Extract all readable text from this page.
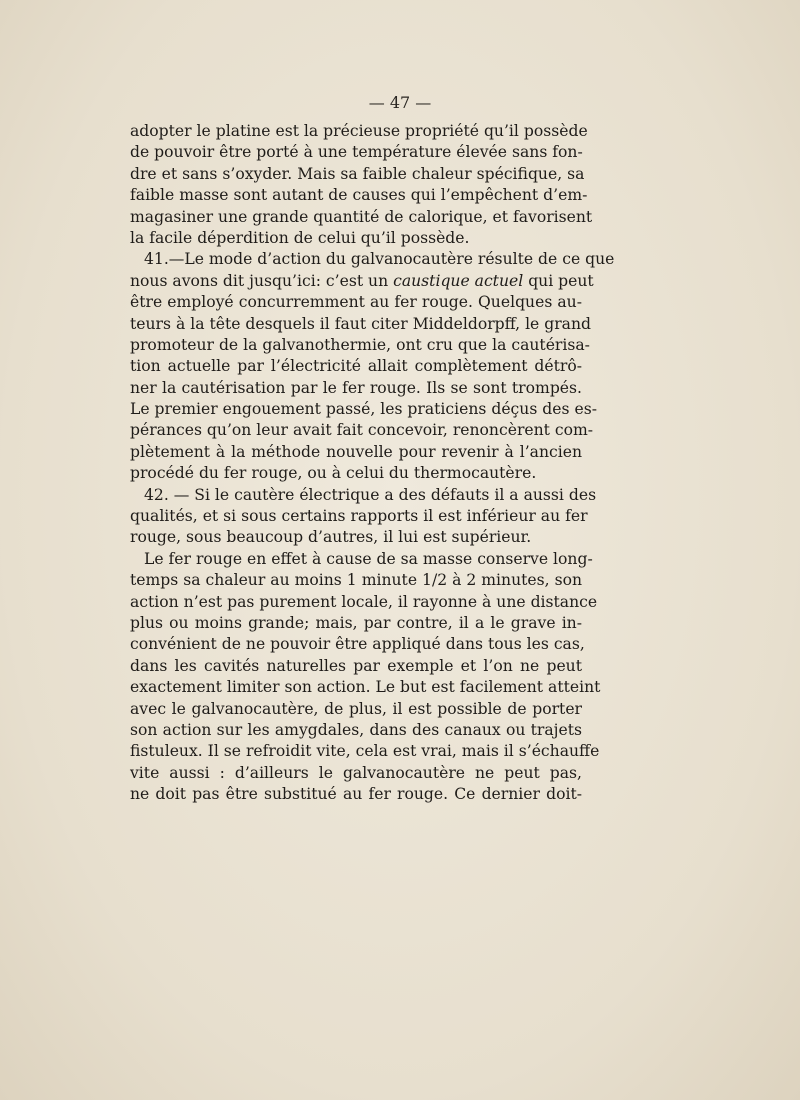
— 47 —
adopter le platine est la précieuse propriété qu’il possède
de pouvoir être porté à une température élevée sans fon-
dre et sans s’oxyder. Mais sa faible chaleur spécifique, sa
faible masse sont autant de causes qui l’empêchent d’em-
magasiner une grande quantité de calorique, et favorisent
la facile déperdition de celui qu’il possède.
41.—Le mode d’action du galvanocautère résulte de ce que
nous avons dit jusqu’ici: c’est un caustique actuel qui peut
être employé concurremment au fer rouge. Quelques au-
teurs à la tête desquels il faut citer Middeldorpff, le grand
promoteur de la galvanothermie, ont cru que la cautérisa-
tion actuelle par l’électricité allait complètement détrô-
ner la cautérisation par le fer rouge. Ils se sont trompés.
Le premier engouement passé, les praticiens déçus des es-
pérances qu’on leur avait fait concevoir, renoncèrent com-
plètement à la méthode nouvelle pour revenir à l’ancien
procédé du fer rouge, ou à celui du thermocautère.
42. — Si le cautère électrique a des défauts il a aussi des
qualités, et si sous certains rapports il est inférieur au fer
rouge, sous beaucoup d’autres, il lui est supérieur.
Le fer rouge en effet à cause de sa masse conserve long-
temps sa chaleur au moins 1 minute 1/2 à 2 minutes, son
action n’est pas purement locale, il rayonne à une distance
plus ou moins grande; mais, par contre, il a le grave in-
convénient de ne pouvoir être appliqué dans tous les cas,
dans les cavités naturelles par exemple et l’on ne peut
exactement limiter son action. Le but est facilement atteint
avec le galvanocautère, de plus, il est possible de porter
son action sur les amygdales, dans des canaux ou trajets
fistuleux. Il se refroidit vite, cela est vrai, mais il s’échauffe
vite aussi : d’ailleurs le galvanocautère ne peut pas,
ne doit pas être substitué au fer rouge. Ce dernier doit-
